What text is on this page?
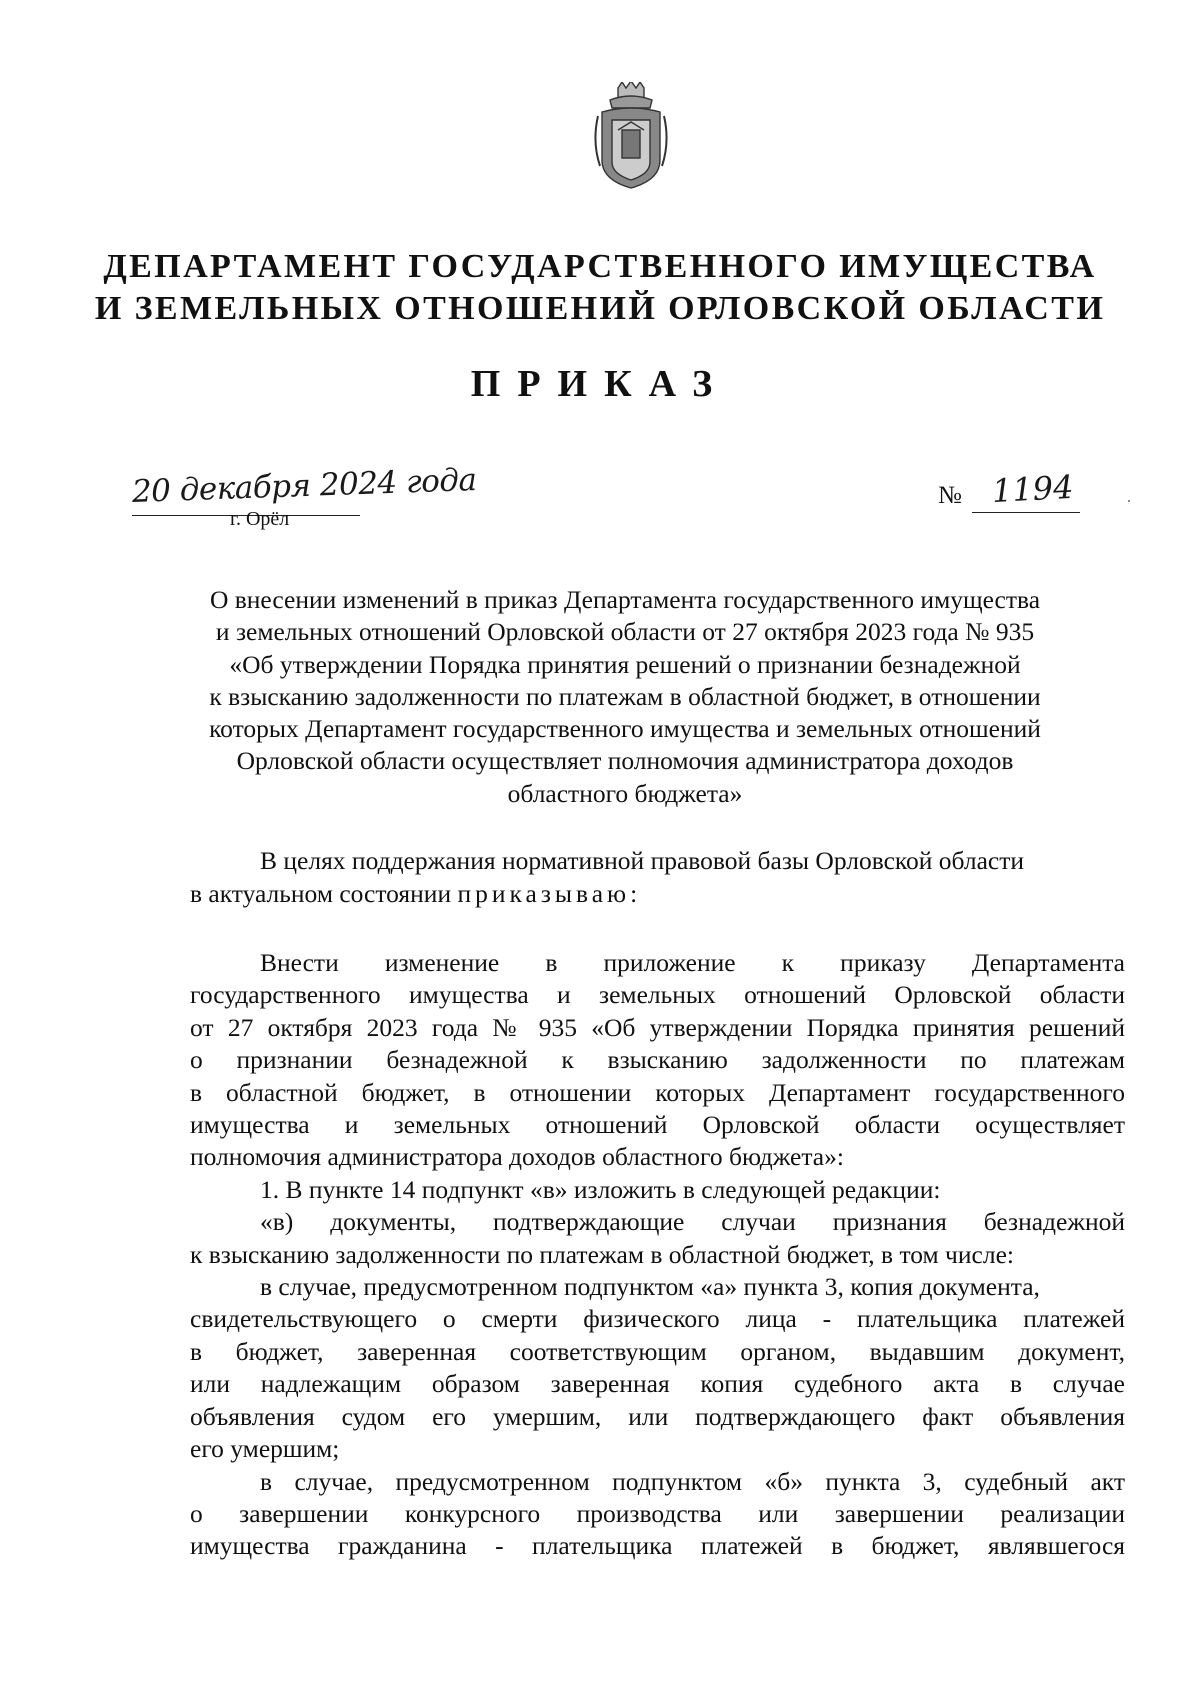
ДЕПАРТАМЕНТ ГОСУДАРСТВЕННОГО ИМУЩЕСТВА
И ЗЕМЕЛЬНЫХ ОТНОШЕНИЙ ОРЛОВСКОЙ ОБЛАСТИ
ПРИКАЗ
20 декабря 2024 года
г. Орёл
№ 1194
О внесении изменений в приказ Департамента государственного имущества
и земельных отношений Орловской области от 27 октября 2023 года № 935
«Об утверждении Порядка принятия решений о признании безнадежной
к взысканию задолженности по платежам в областной бюджет, в отношении
которых Департамент государственного имущества и земельных отношений
Орловской области осуществляет полномочия администратора доходов
областного бюджета»
В целях поддержания нормативной правовой базы Орловской области
в актуальном состоянии приказываю:
Внести изменение в приложение к приказу Департамента
государственного имущества и земельных отношений Орловской области
от 27 октября 2023 года № 935 «Об утверждении Порядка принятия решений
о признании безнадежной к взысканию задолженности по платежам
в областной бюджет, в отношении которых Департамент государственного
имущества и земельных отношений Орловской области осуществляет
полномочия администратора доходов областного бюджета»:
1. В пункте 14 подпункт «в» изложить в следующей редакции:
«в) документы, подтверждающие случаи признания безнадежной
к взысканию задолженности по платежам в областной бюджет, в том числе:
в случае, предусмотренном подпунктом «а» пункта 3, копия документа,
свидетельствующего о смерти физического лица - плательщика платежей
в бюджет, заверенная соответствующим органом, выдавшим документ,
или надлежащим образом заверенная копия судебного акта в случае
объявления судом его умершим, или подтверждающего факт объявления
его умершим;
в случае, предусмотренном подпунктом «б» пункта 3, судебный акт
о завершении конкурсного производства или завершении реализации
имущества гражданина - плательщика платежей в бюджет, являвшегося
